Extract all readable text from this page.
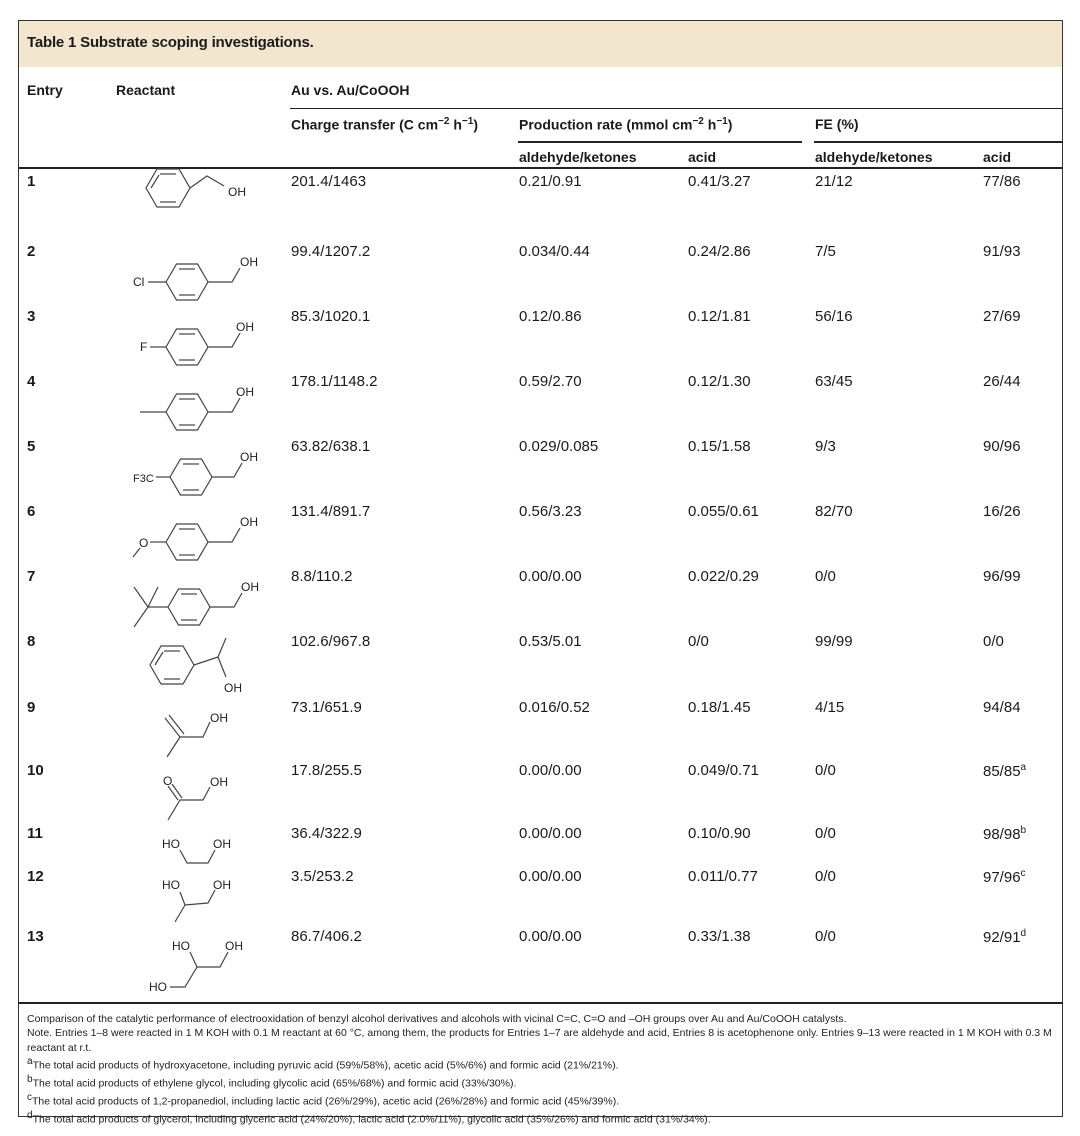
Table 1 Substrate scoping investigations.
Entry	Reactant	Au vs. Au/CoOOH
Charge transfer (C $cm^{-2}$ $h^{-1}$)	Production rate (mmol $cm^{-2}$ $h^{-1}$)	FE (%)
aldehyde/ketones	acid	aldehyde/ketones	acid
1	201.4/1463	0.21/0.91	0.41/3.27	21/12	77/86
2	99.4/1207.2	0.034/0.44	0.24/2.86	7/5	91/93
3	85.3/1020.1	0.12/0.86	0.12/1.81	56/16	27/69
4	178.1/1148.2	0.59/2.70	0.12/1.30	63/45	26/44
5	63.82/638.1	0.029/0.085	0.15/1.58	9/3	90/96
6	131.4/891.7	0.56/3.23	0.055/0.61	82/70	16/26
7	8.8/110.2	0.00/0.00	0.022/0.29	0/0	96/99
8	102.6/967.8	0.53/5.01	0/0	99/99	0/0
9	73.1/651.9	0.016/0.52	0.18/1.45	4/15	94/84
10	17.8/255.5	0.00/0.00	0.049/0.71	0/0	85/85$^a$
11	36.4/322.9	0.00/0.00	0.10/0.90	0/0	98/98$^b$
12	3.5/253.2	0.00/0.00	0.011/0.77	0/0	97/96$^c$
13	86.7/406.2	0.00/0.00	0.33/1.38	0/0	92/91$^d$
OH
OH
Cl
OH
F
OH
OH
F3C
OH
O
OH
OH
OH
O	OH
HO	OH
HO	OH
HO	OH
HO

Comparison of the catalytic performance of electrooxidation of benzyl alcohol derivatives and alcohols with vicinal C=C, C=O and –OH groups over Au and Au/CoOOH catalysts.

Note. Entries 1–8 were reacted in 1 M KOH with 0.1 M reactant at 60 °C, among them, the products for Entries 1–7 are aldehyde and acid, Entries 8 is acetophenone only. Entries 9–13 were reacted in 1 M KOH with 0.3 M reactant at r.t.

$^a$The total acid products of hydroxyacetone, including pyruvic acid (59%/58%), acetic acid (5%/6%) and formic acid (21%/21%).

$^b$The total acid products of ethylene glycol, including glycolic acid (65%/68%) and formic acid (33%/30%).

$^c$The total acid products of 1,2-propanediol, including lactic acid (26%/29%), acetic acid (26%/28%) and formic acid (45%/39%).

$^d$The total acid products of glycerol, including glyceric acid (24%/20%), lactic acid (2.0%/11%), glycolic acid (35%/26%) and formic acid (31%/34%).
